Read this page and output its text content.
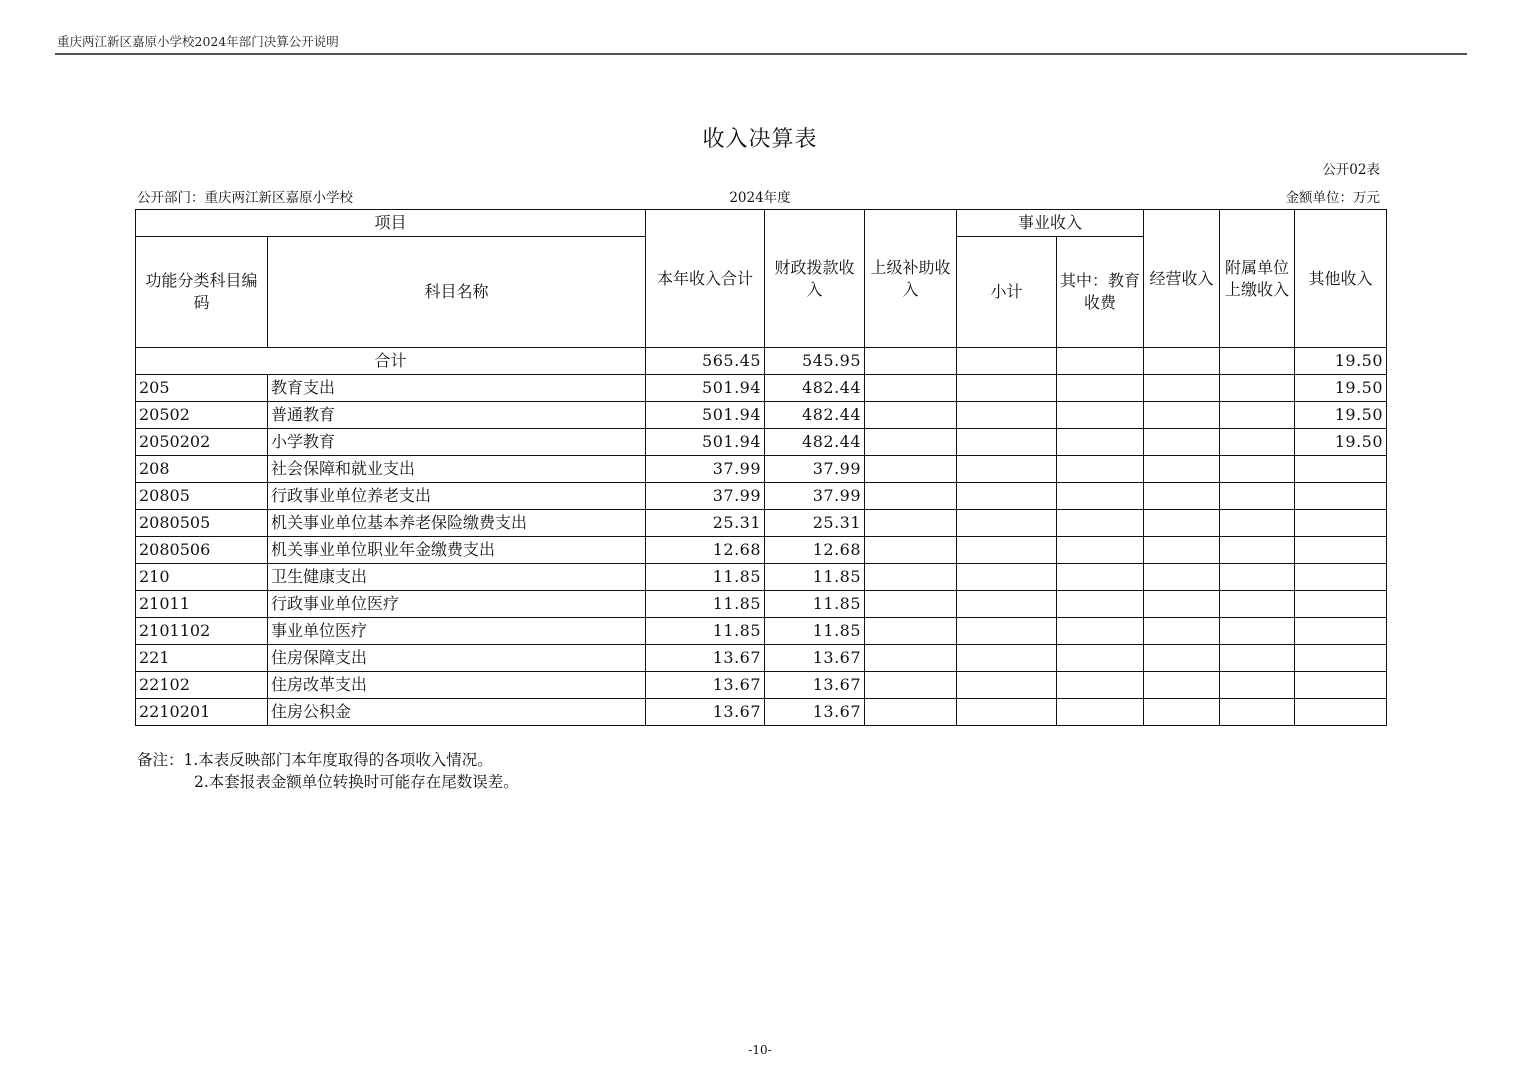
重庆两江新区嘉原小学校2024年部门决算公开说明
收入决算表
公开02表
公开部门：重庆两江新区嘉原小学校	2024年度	金额单位：万元
项目		本年收入合计	财政拨款收入	上级补助收入	事业收入		经营收入	附属单位上缴收入	其他收入
功能分类科目编码	科目名称				小计	其中：教育收费			
合计		565.45	545.95						19.50
205	教育支出	501.94	482.44						19.50
20502	普通教育	501.94	482.44						19.50
2050202	小学教育	501.94	482.44						19.50
208	社会保障和就业支出	37.99	37.99						
20805	行政事业单位养老支出	37.99	37.99						
2080505	机关事业单位基本养老保险缴费支出	25.31	25.31						
2080506	机关事业单位职业年金缴费支出	12.68	12.68						
210	卫生健康支出	11.85	11.85						
21011	行政事业单位医疗	11.85	11.85						
2101102	事业单位医疗	11.85	11.85						
221	住房保障支出	13.67	13.67						
22102	住房改革支出	13.67	13.67						
2210201	住房公积金	13.67	13.67						
备注：1.本表反映部门本年度取得的各项收入情况。
2.本套报表金额单位转换时可能存在尾数误差。
-10-
